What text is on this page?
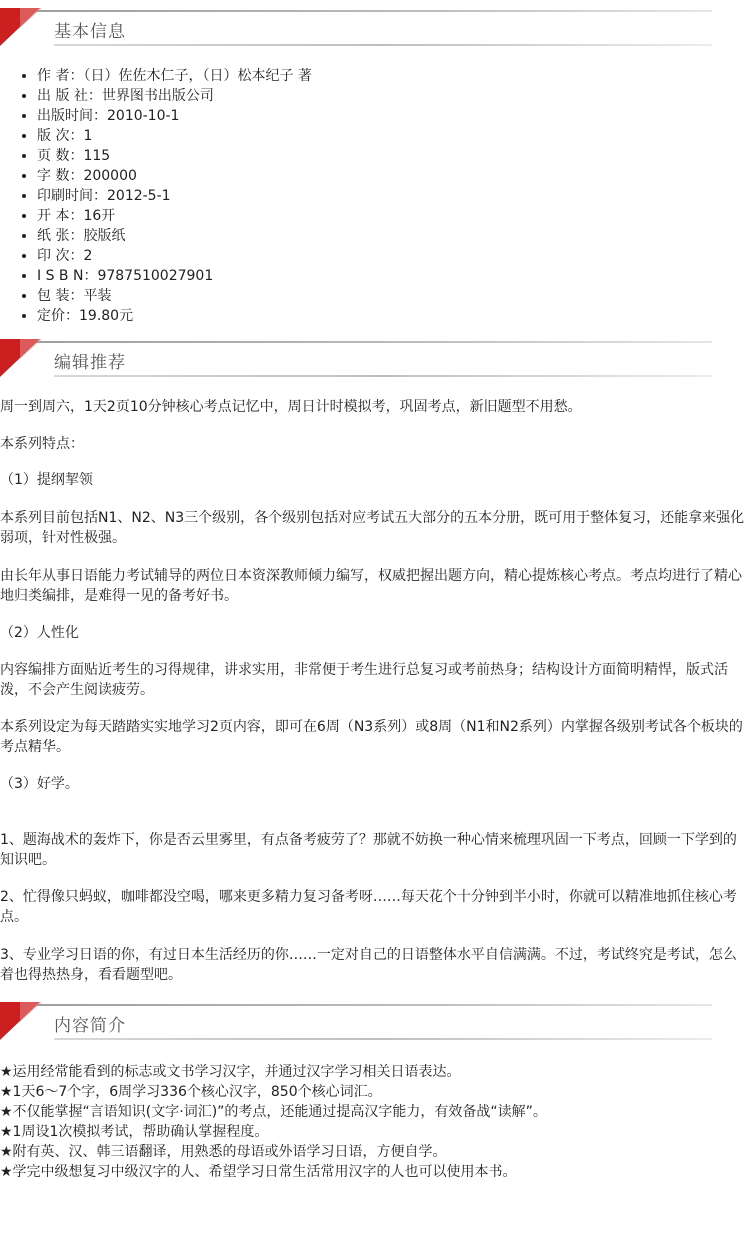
基本信息
• 作 者：（日）佐佐木仁子，（日）松本纪子 著
• 出 版 社：世界图书出版公司
• 出版时间：2010-10-1
• 版 次：1
• 页 数：115
• 字 数：200000
• 印刷时间：2012-5-1
• 开 本：16开
• 纸 张：胶版纸
• 印 次：2
• I S B N：9787510027901
• 包 装：平装
• 定价：19.80元
编辑推荐

周一到周六，1天2页10分钟核心考点记忆中，周日计时模拟考，巩固考点，新旧题型不用愁。

本系列特点：

（1）提纲挈领

本系列目前包括N1、N2、N3三个级别，各个级别包括对应考试五大部分的五本分册，既可用于整体复习，还能拿来强化弱项，针对性极强。

由长年从事日语能力考试辅导的两位日本资深教师倾力编写，权威把握出题方向，精心提炼核心考点。考点均进行了精心地归类编排，是难得一见的备考好书。

（2）人性化

内容编排方面贴近考生的习得规律，讲求实用，非常便于考生进行总复习或考前热身；结构设计方面简明精悍，版式活泼，不会产生阅读疲劳。

本系列设定为每天踏踏实实地学习2页内容，即可在6周（N3系列）或8周（N1和N2系列）内掌握各级别考试各个板块的考点精华。

（3）好学。

1、题海战术的轰炸下，你是否云里雾里，有点备考疲劳了？那就不妨换一种心情来梳理巩固一下考点，回顾一下学到的知识吧。

2、忙得像只蚂蚁，咖啡都没空喝，哪来更多精力复习备考呀……每天花个十分钟到半小时，你就可以精准地抓住核心考点。

3、专业学习日语的你，有过日本生活经历的你……一定对自己的日语整体水平自信满满。不过，考试终究是考试，怎么着也得热热身，看看题型吧。

内容简介
★运用经常能看到的标志或文书学习汉字，并通过汉字学习相关日语表达。
★1天6～7个字，6周学习336个核心汉字，850个核心词汇。
★不仅能掌握“言语知识(文字·词汇)”的考点，还能通过提高汉字能力，有效备战“读解”。
★1周设1次模拟考试，帮助确认掌握程度。
★附有英、汉、韩三语翻译，用熟悉的母语或外语学习日语，方便自学。
★学完中级想复习中级汉字的人、希望学习日常生活常用汉字的人也可以使用本书。
